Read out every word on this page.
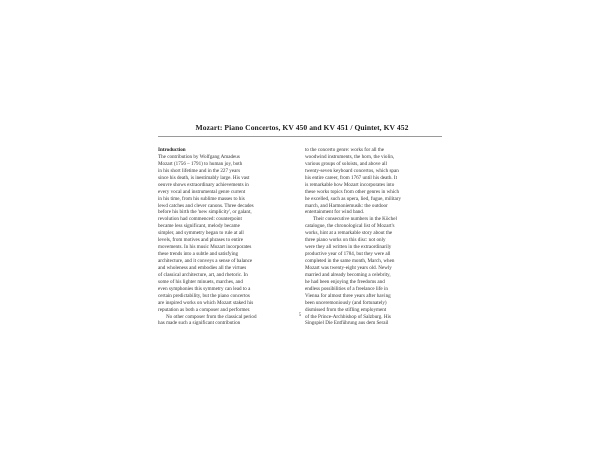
Mozart: Piano Concertos, KV 450 and KV 451 / Quintet, KV 452
Introduction
The contribution by Wolfgang Amadeus
Mozart (1756 – 1791) to human joy, both
in his short lifetime and in the 227 years
since his death, is inestimably large. His vast
oeuvre shows extraordinary achievements in
every vocal and instrumental genre current
in his time, from his sublime masses to his
lewd catches and clever canons. Three decades
before his birth the 'new simplicity', or galant,
revolution had commenced: counterpoint
became less significant, melody became
simpler, and symmetry began to rule at all
levels, from motives and phrases to entire
movements. In his music Mozart incorporates
these trends into a subtle and satisfying
architecture, and it conveys a sense of balance
and wholeness and embodies all the virtues
of classical architecture, art, and rhetoric. In
some of his lighter minuets, marches, and
even symphonies this symmetry can lead to a
certain predictability, but the piano concertos
are inspired works on which Mozart staked his
reputation as both a composer and performer.
No other composer from the classical period
has made such a significant contribution
to the concerto genre: works for all the
woodwind instruments, the horn, the violin,
various groups of soloists, and above all
twenty-seven keyboard concertos, which span
his entire career, from 1767 until his death. It
is remarkable how Mozart incorporates into
these works topics from other genres in which
he excelled, such as opera, lied, fugue, military
march, and Harmoniemusik: the outdoor
entertainment for wind band.
Their consecutive numbers in the Köchel
catalogue, the chronological list of Mozart's
works, hint at a remarkable story about the
three piano works on this disc: not only
were they all written in the extraordinarily
productive year of 1784, but they were all
completed in the same month, March, when
Mozart was twenty-eight years old. Newly
married and already becoming a celebrity,
he had been enjoying the freedoms and
endless possibilities of a freelance life in
Vienna for almost three years after having
been unceremoniously (and fortunately)
dismissed from the stifling employment
of the Prince-Archbishop of Salzburg. His
Singspiel Die Entführung aus dem Serail
5
